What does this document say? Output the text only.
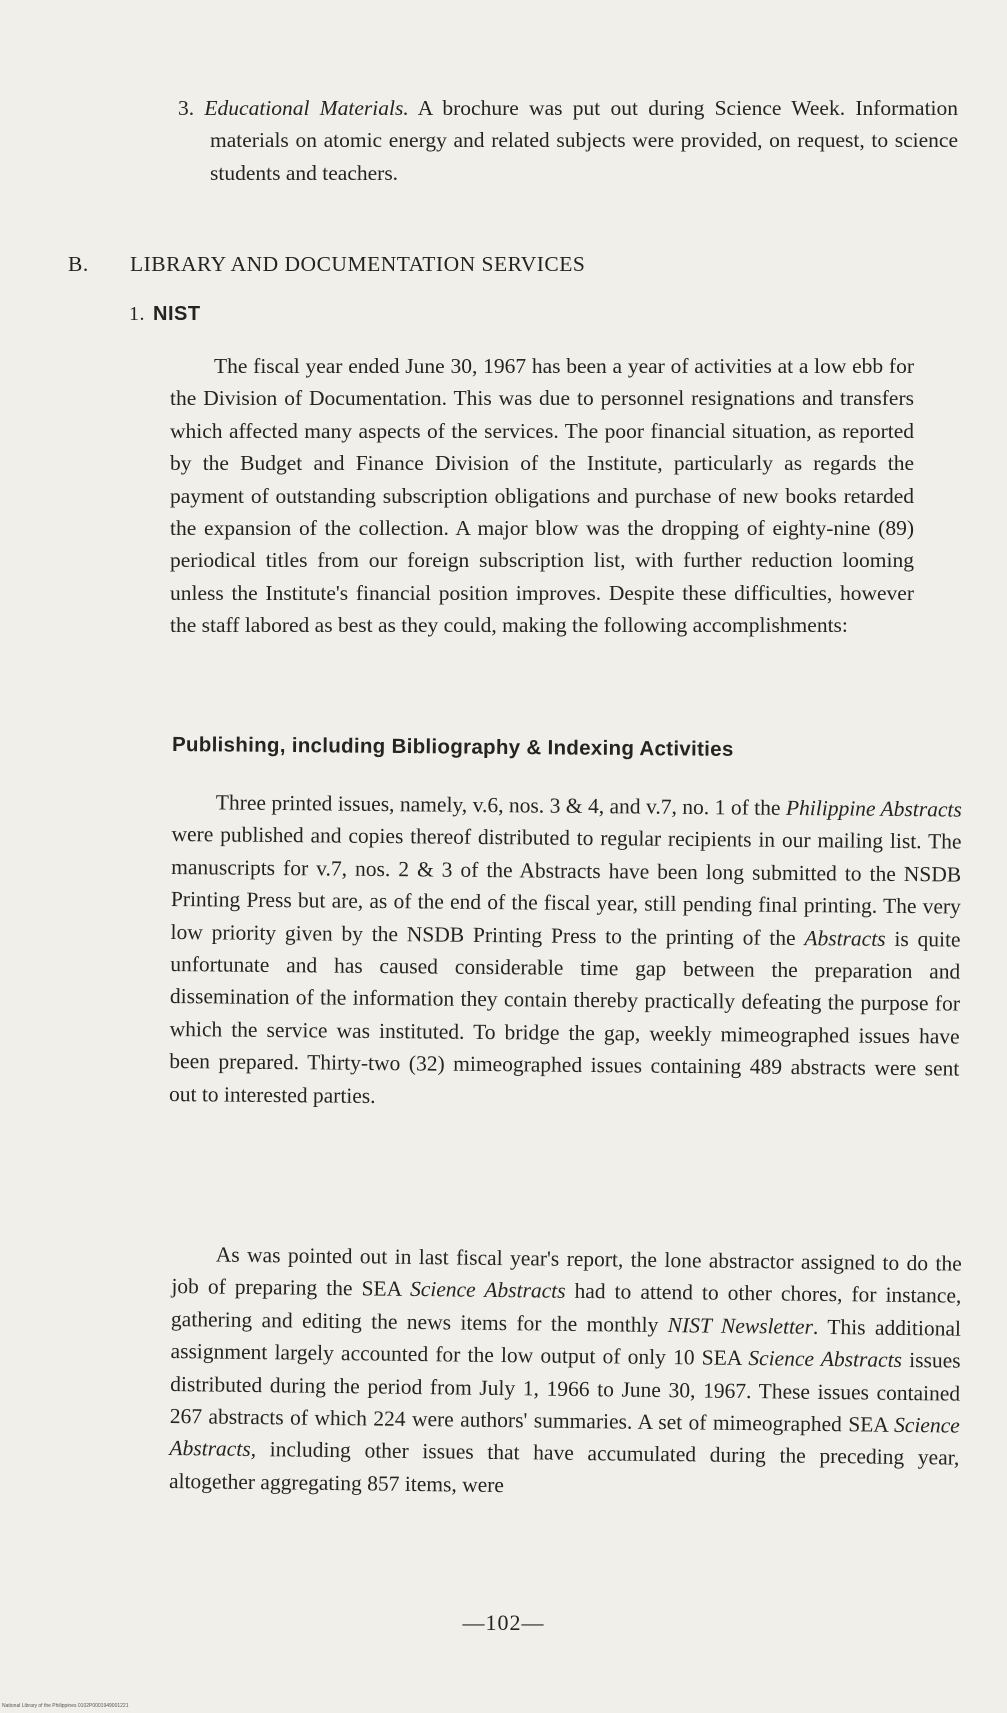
3. Educational Materials. A brochure was put out during Science Week. Information materials on atomic energy and related subjects were provided, on request, to science students and teachers.

B. LIBRARY AND DOCUMENTATION SERVICES
1. NIST

The fiscal year ended June 30, 1967 has been a year of activities at a low ebb for the Division of Documentation. This was due to personnel resignations and transfers which affected many aspects of the services. The poor financial situation, as reported by the Budget and Finance Division of the Institute, particularly as regards the payment of outstanding subscription obligations and purchase of new books retarded the expansion of the collection. A major blow was the dropping of eighty-nine (89) periodical titles from our foreign subscription list, with further reduction looming unless the Institute's financial position improves. Despite these difficulties, however the staff labored as best as they could, making the following accomplishments:

Publishing, including Bibliography & Indexing Activities

Three printed issues, namely, v.6, nos. 3 & 4, and v.7, no. 1 of the Philippine Abstracts were published and copies thereof distributed to regular recipients in our mailing list. The manuscripts for v.7, nos. 2 & 3 of the Abstracts have been long submitted to the NSDB Printing Press but are, as of the end of the fiscal year, still pending final printing. The very low priority given by the NSDB Printing Press to the printing of the Abstracts is quite unfortunate and has caused considerable time gap between the preparation and dissemination of the information they contain thereby practically defeating the purpose for which the service was instituted. To bridge the gap, weekly mimeographed issues have been prepared. Thirty-two (32) mimeographed issues containing 489 abstracts were sent out to interested parties.

As was pointed out in last fiscal year's report, the lone abstractor assigned to do the job of preparing the SEA Science Abstracts had to attend to other chores, for instance, gathering and editing the news items for the monthly NIST Newsletter. This additional assignment largely accounted for the low output of only 10 SEA Science Abstracts issues distributed during the period from July 1, 1966 to June 30, 1967. These issues contained 267 abstracts of which 224 were authors' summaries. A set of mimeographed SEA Science Abstracts, including other issues that have accumulated during the preceding year, altogether aggregating 857 items, were

—102—
National Library of the Philippines 0102P0001949001221
